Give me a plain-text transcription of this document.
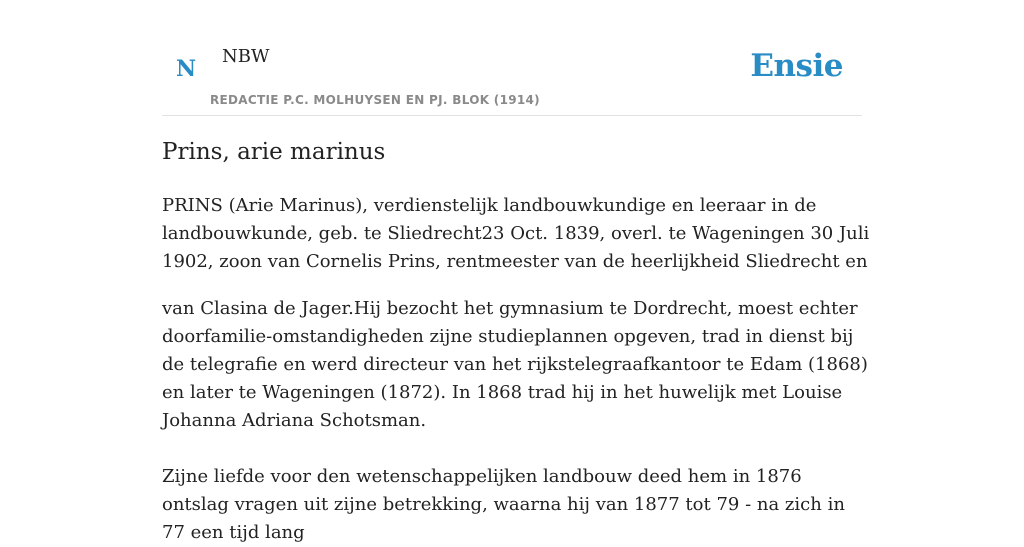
N NBW
REDACTIE P.C. MOLHUYSEN EN PJ. BLOK (1914)
Ensie
Prins, arie marinus

PRINS (Arie Marinus), verdienstelijk landbouwkundige en leeraar in de landbouwkunde, geb. te Sliedrecht23 Oct. 1839, overl. te Wageningen 30 Juli 1902, zoon van Cornelis Prins, rentmeester van de heerlijkheid Sliedrecht en

van Clasina de Jager.Hij bezocht het gymnasium te Dordrecht, moest echter doorfamilie-omstandigheden zijne studieplannen opgeven, trad in dienst bij de telegrafie en werd directeur van het rijkstelegraafkantoor te Edam (1868) en later te Wageningen (1872). In 1868 trad hij in het huwelijk met Louise Johanna Adriana Schotsman.

Zijne liefde voor den wetenschappelijken landbouw deed hem in 1876 ontslag vragen uit zijne betrekking, waarna hij van 1877 tot 79 - na zich in 77 een tijd lang
